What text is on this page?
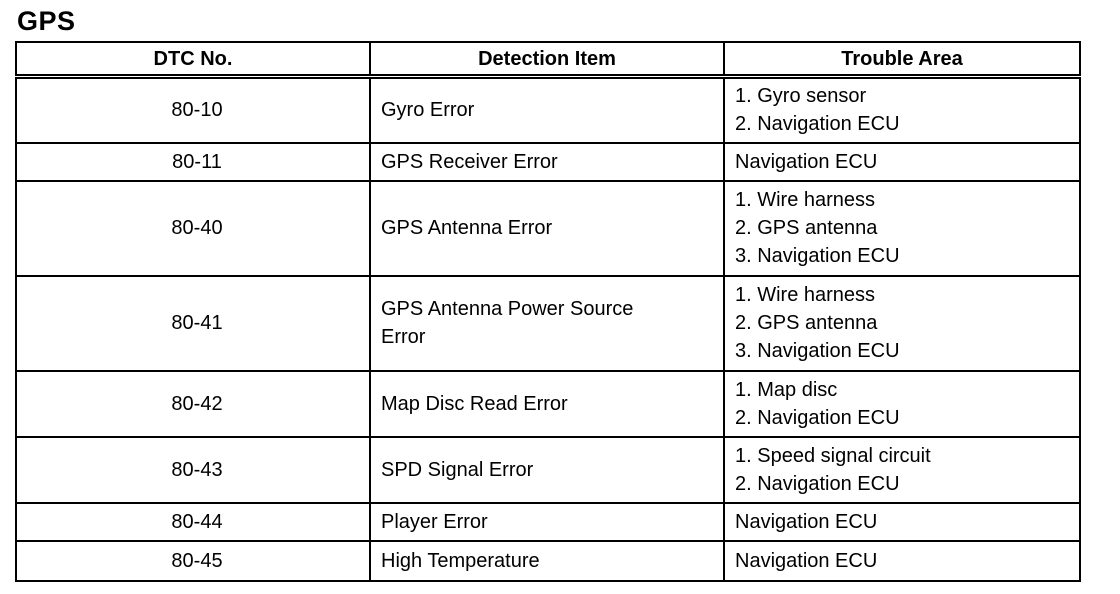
GPS
DTC No.	Detection Item	Trouble Area
80-10	Gyro Error	1. Gyro sensor
2. Navigation ECU

80-11	GPS Receiver Error	Navigation ECU

80-40	GPS Antenna Error	1. Wire harness
2. GPS antenna
3. Navigation ECU

80-41	GPS Antenna Power Source
Error	1. Wire harness
2. GPS antenna
3. Navigation ECU

80-42	Map Disc Read Error	1. Map disc
2. Navigation ECU

80-43	SPD Signal Error	1. Speed signal circuit
2. Navigation ECU

80-44	Player Error	Navigation ECU

80-45	High Temperature	Navigation ECU
